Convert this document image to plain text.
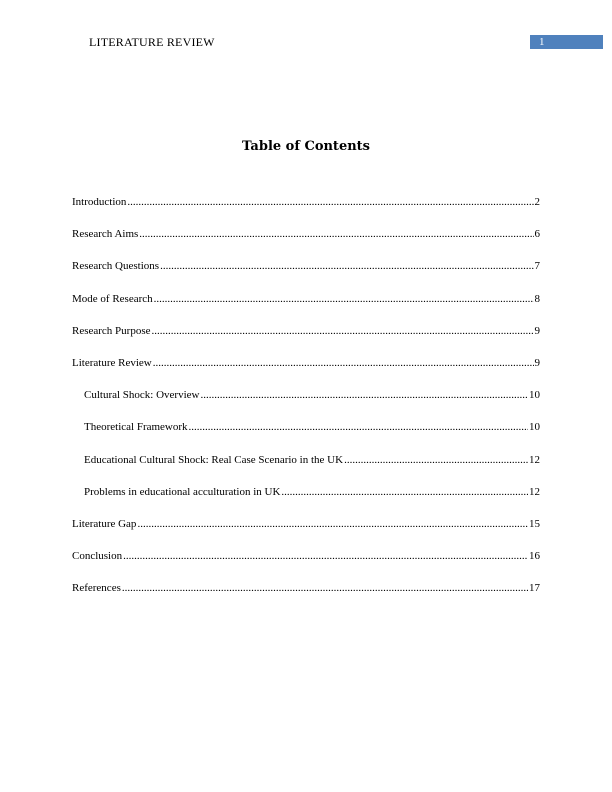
LITERATURE REVIEW	1
Table of Contents
Introduction .....	2
Research Aims .....	6
Research Questions .....	7
Mode of Research .....	8
Research Purpose .....	9
Literature Review .....	9
Cultural Shock: Overview .....	10
Theoretical Framework .....	10
Educational Cultural Shock: Real Case Scenario in the UK .....	12
Problems in educational acculturation in UK .....	12
Literature Gap .....	15
Conclusion .....	16
References .....	17
